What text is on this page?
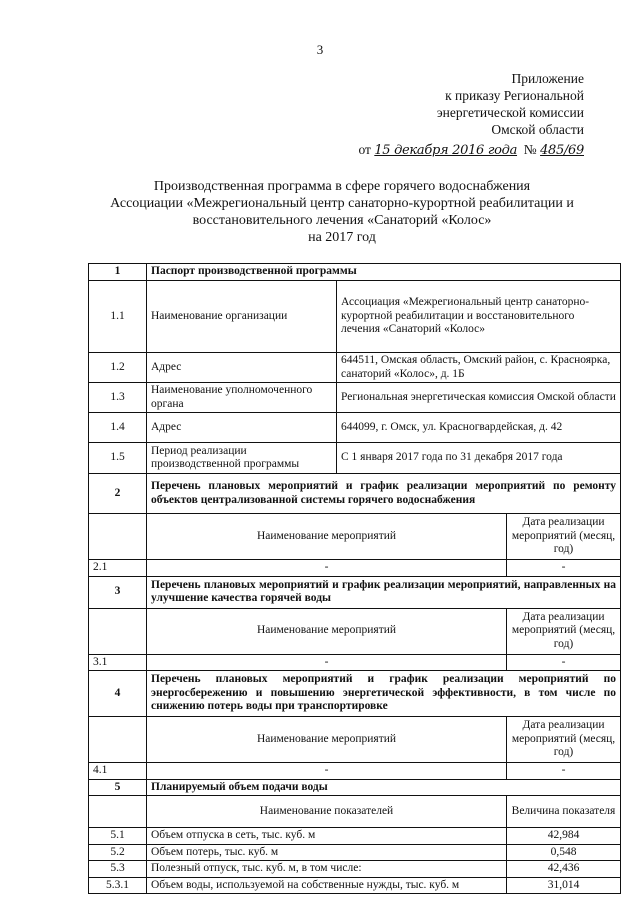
3
Приложение
к приказу Региональной
энергетической комиссии
Омской области
от 15 декабря 2016 года № 485/69
Производственная программа в сфере горячего водоснабжения
Ассоциации «Межрегиональный центр санаторно-курортной реабилитации и
восстановительного лечения «Санаторий «Колос»
на 2017 год
1	Паспорт производственной программы		
1.1	Наименование организации	Ассоциация «Межрегиональный центр санаторно-курортной реабилитации и восстановительного лечения «Санаторий «Колос»	
1.2	Адрес	644511, Омская область, Омский район, с. Красноярка, санаторий «Колос», д. 1Б	
1.3	Наименование уполномоченного органа	Региональная энергетическая комиссия Омской области	
1.4	Адрес	644099, г. Омск, ул. Красногвардейская, д. 42	
1.5	Период реализации производственной программы	С 1 января 2017 года по 31 декабря 2017 года	
2	Перечень плановых мероприятий и график реализации мероприятий по ремонту объектов централизованной системы горячего водоснабжения		
	Наименование мероприятий		Дата реализации мероприятий (месяц, год)
2.1	-		-
3	Перечень плановых мероприятий и график реализации мероприятий, направленных на улучшение качества горячей воды		
	Наименование мероприятий		Дата реализации мероприятий (месяц, год)
3.1	-		-
4	Перечень плановых мероприятий и график реализации мероприятий по энергосбережению и повышению энергетической эффективности, в том числе по снижению потерь воды при транспортировке		
	Наименование мероприятий		Дата реализации мероприятий (месяц, год)
4.1	-		-
5	Планируемый объем подачи воды		
	Наименование показателей		Величина показателя
5.1	Объем отпуска в сеть, тыс. куб. м		42,984
5.2	Объем потерь, тыс. куб. м		0,548
5.3	Полезный отпуск, тыс. куб. м, в том числе:		42,436
5.3.1	Объем воды, используемой на собственные нужды, тыс. куб. м		31,014
